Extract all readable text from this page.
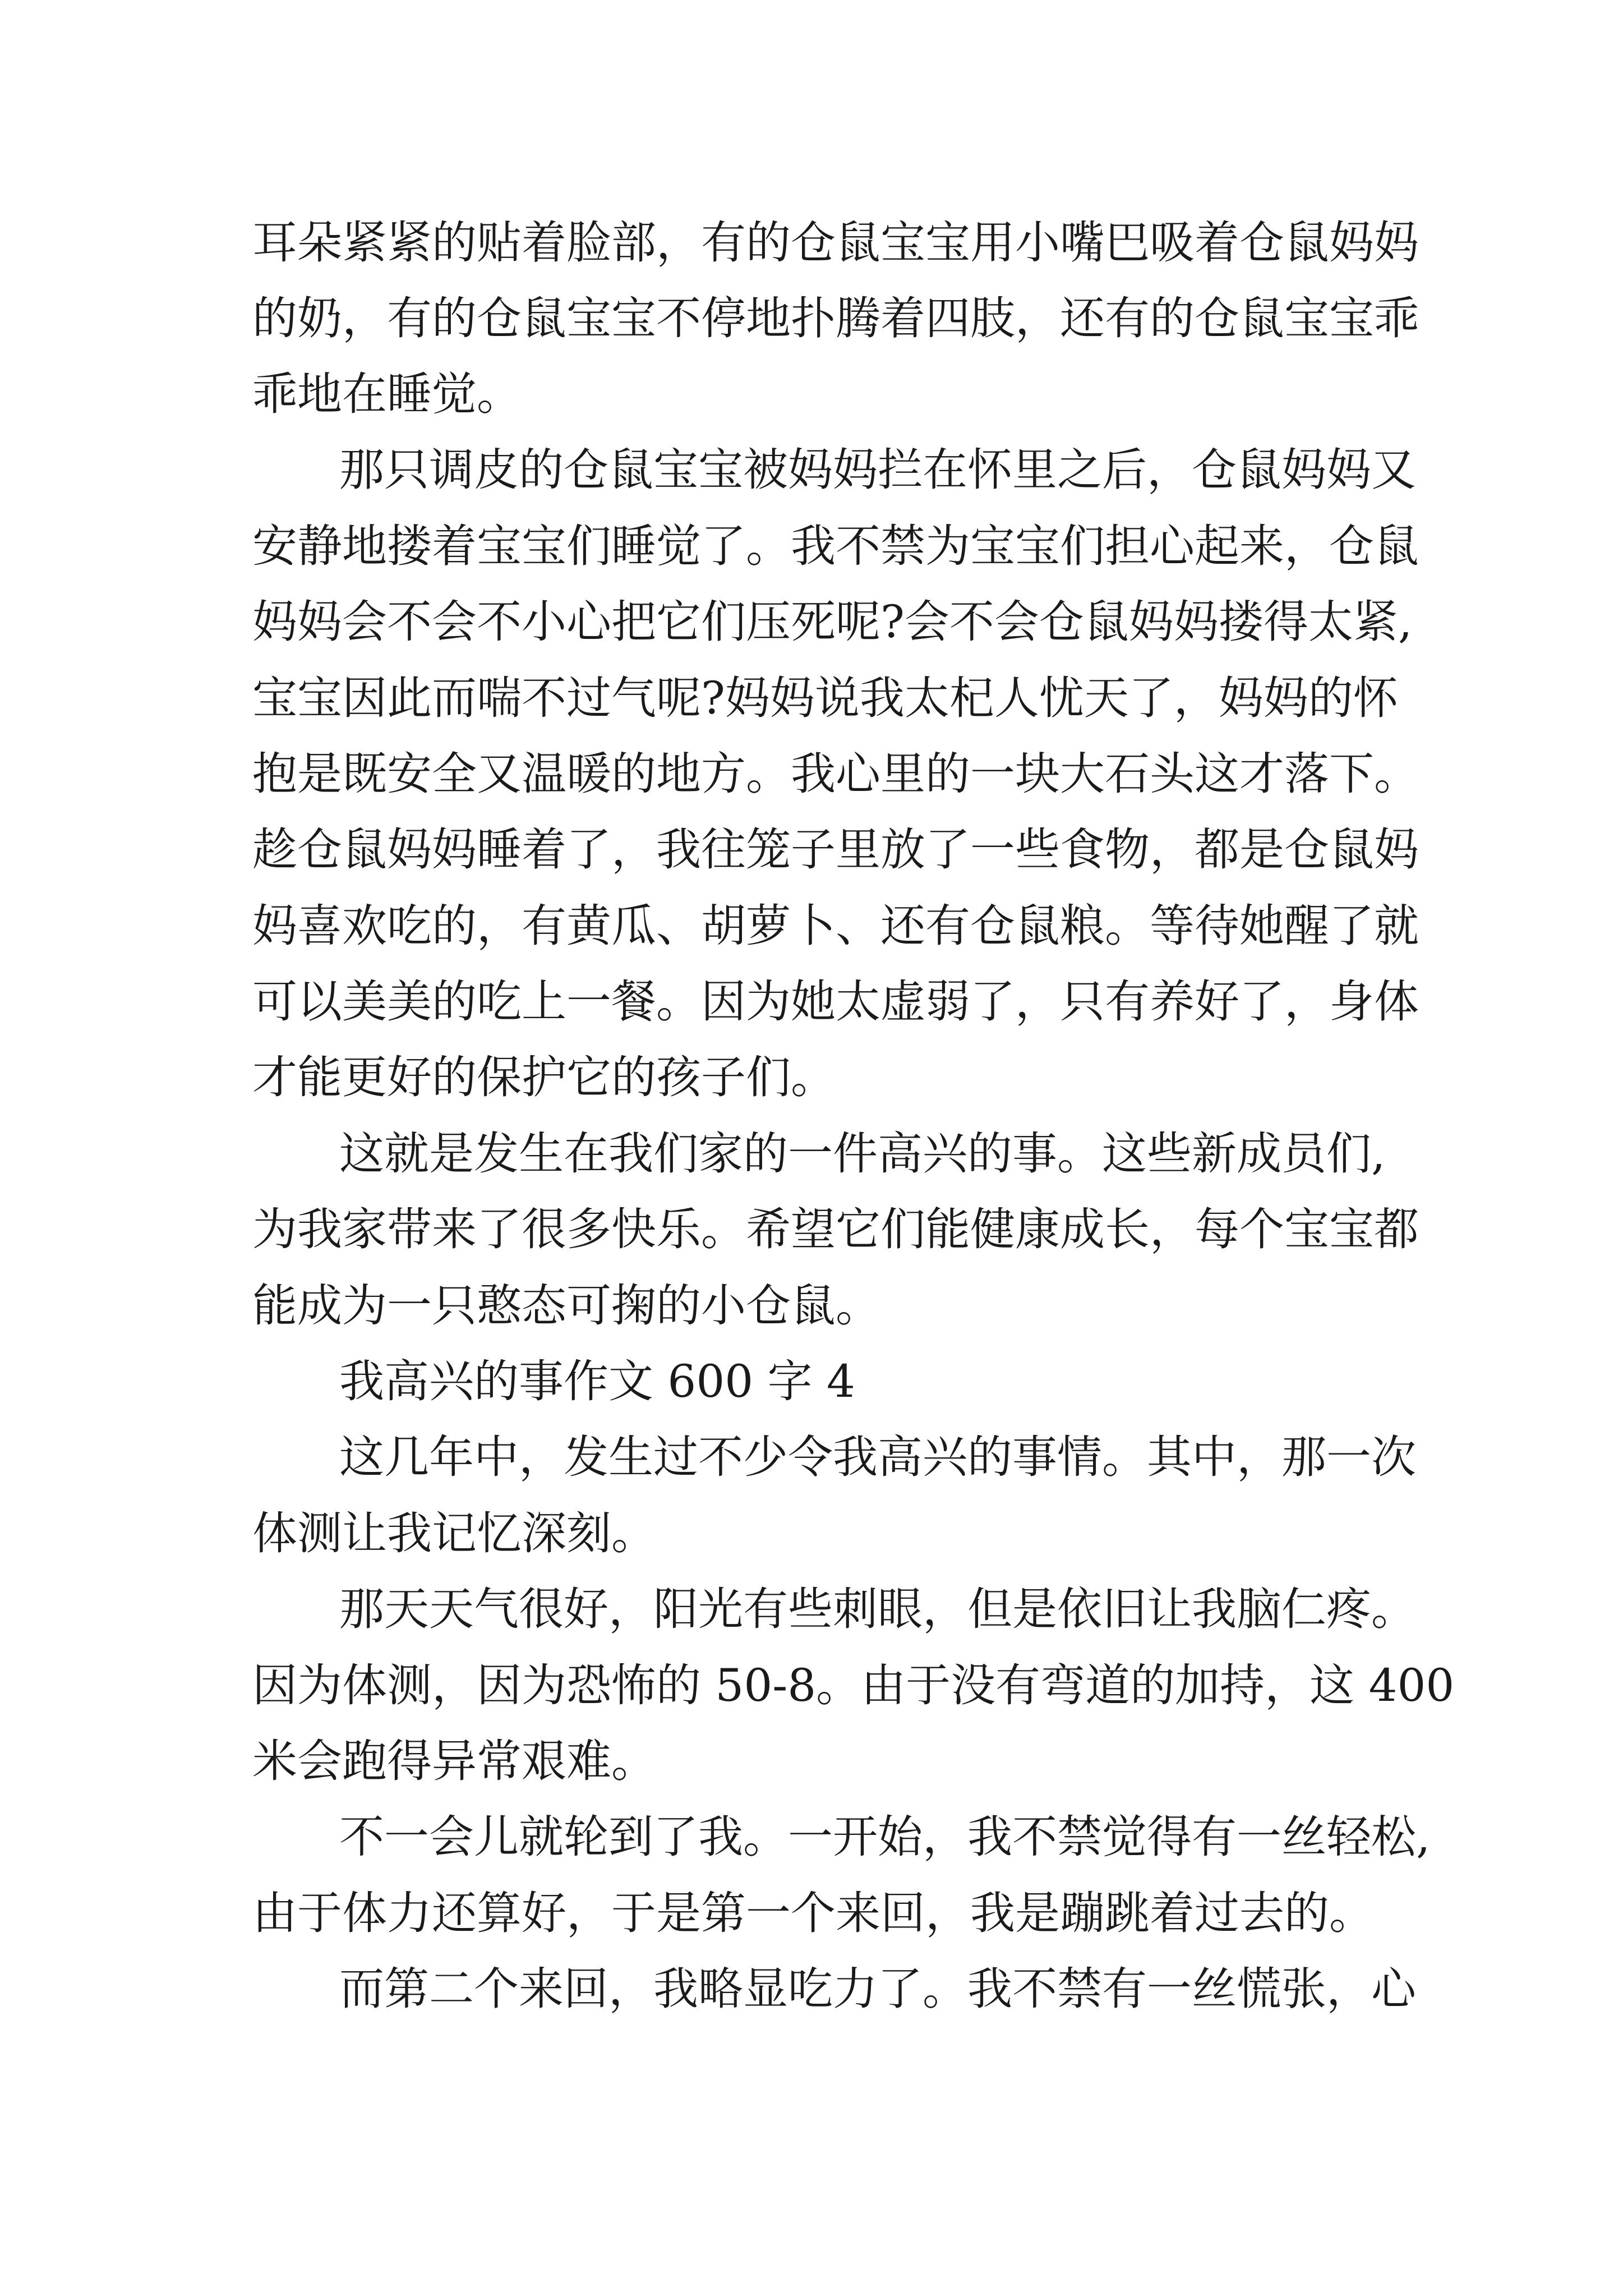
耳朵紧紧的贴着脸部，有的仓鼠宝宝用小嘴巴吸着仓鼠妈妈

的奶，有的仓鼠宝宝不停地扑腾着四肢，还有的仓鼠宝宝乖

乖地在睡觉。

那只调皮的仓鼠宝宝被妈妈拦在怀里之后，仓鼠妈妈又

安静地搂着宝宝们睡觉了。我不禁为宝宝们担心起来，仓鼠

妈妈会不会不小心把它们压死呢?会不会仓鼠妈妈搂得太紧,

宝宝因此而喘不过气呢?妈妈说我太杞人忧天了，妈妈的怀

抱是既安全又温暖的地方。我心里的一块大石头这才落下。

趁仓鼠妈妈睡着了，我往笼子里放了一些食物，都是仓鼠妈

妈喜欢吃的，有黄瓜、胡萝卜、还有仓鼠粮。等待她醒了就

可以美美的吃上一餐。因为她太虚弱了，只有养好了，身体

才能更好的保护它的孩子们。

这就是发生在我们家的一件高兴的事。这些新成员们,

为我家带来了很多快乐。希望它们能健康成长，每个宝宝都

能成为一只憨态可掬的小仓鼠。

我高兴的事作文 600 字 4

这几年中，发生过不少令我高兴的事情。其中，那一次

体测让我记忆深刻。

那天天气很好，阳光有些刺眼，但是依旧让我脑仁疼。

因为体测，因为恐怖的 50-8。由于没有弯道的加持，这 400

米会跑得异常艰难。

不一会儿就轮到了我。一开始，我不禁觉得有一丝轻松,

由于体力还算好，于是第一个来回，我是蹦跳着过去的。

而第二个来回，我略显吃力了。我不禁有一丝慌张，心
